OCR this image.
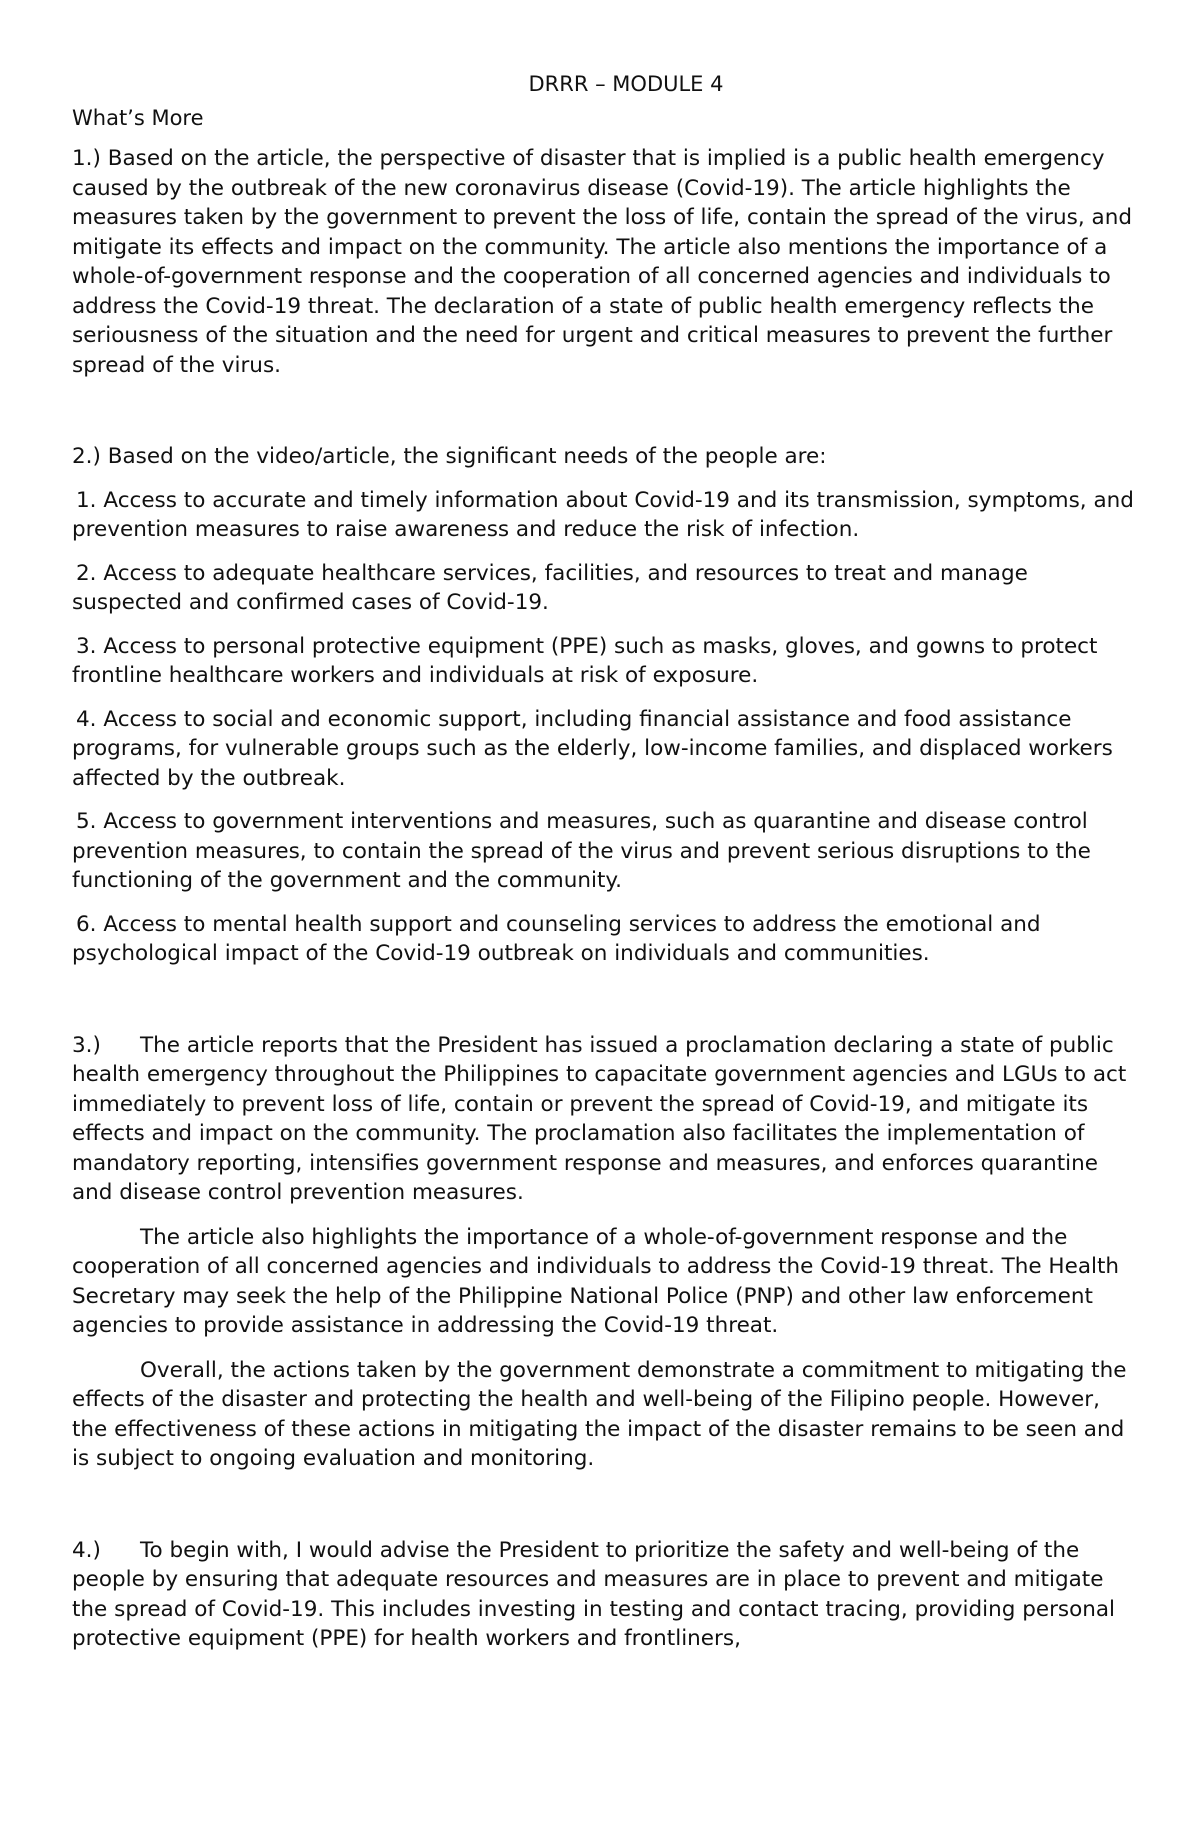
DRRR – MODULE 4
What’s More

1.) Based on the article, the perspective of disaster that is implied is a public health emergency caused by the outbreak of the new coronavirus disease (Covid-19). The article highlights the measures taken by the government to prevent the loss of life, contain the spread of the virus, and mitigate its effects and impact on the community. The article also mentions the importance of a whole-of-government response and the cooperation of all concerned agencies and individuals to address the Covid-19 threat. The declaration of a state of public health emergency reflects the seriousness of the situation and the need for urgent and critical measures to prevent the further spread of the virus.

2.) Based on the video/article, the significant needs of the people are:

1. Access to accurate and timely information about Covid-19 and its transmission, symptoms, and prevention measures to raise awareness and reduce the risk of infection.

2. Access to adequate healthcare services, facilities, and resources to treat and manage suspected and confirmed cases of Covid-19.

3. Access to personal protective equipment (PPE) such as masks, gloves, and gowns to protect frontline healthcare workers and individuals at risk of exposure.

4. Access to social and economic support, including financial assistance and food assistance programs, for vulnerable groups such as the elderly, low-income families, and displaced workers affected by the outbreak.

5. Access to government interventions and measures, such as quarantine and disease control prevention measures, to contain the spread of the virus and prevent serious disruptions to the functioning of the government and the community.

6. Access to mental health support and counseling services to address the emotional and psychological impact of the Covid-19 outbreak on individuals and communities.

3.) The article reports that the President has issued a proclamation declaring a state of public health emergency throughout the Philippines to capacitate government agencies and LGUs to act immediately to prevent loss of life, contain or prevent the spread of Covid-19, and mitigate its effects and impact on the community. The proclamation also facilitates the implementation of mandatory reporting, intensifies government response and measures, and enforces quarantine and disease control prevention measures.

The article also highlights the importance of a whole-of-government response and the cooperation of all concerned agencies and individuals to address the Covid-19 threat. The Health Secretary may seek the help of the Philippine National Police (PNP) and other law enforcement agencies to provide assistance in addressing the Covid-19 threat.

Overall, the actions taken by the government demonstrate a commitment to mitigating the effects of the disaster and protecting the health and well-being of the Filipino people. However, the effectiveness of these actions in mitigating the impact of the disaster remains to be seen and is subject to ongoing evaluation and monitoring.

4.) To begin with, I would advise the President to prioritize the safety and well-being of the people by ensuring that adequate resources and measures are in place to prevent and mitigate the spread of Covid-19. This includes investing in testing and contact tracing, providing personal protective equipment (PPE) for health workers and frontliners,
